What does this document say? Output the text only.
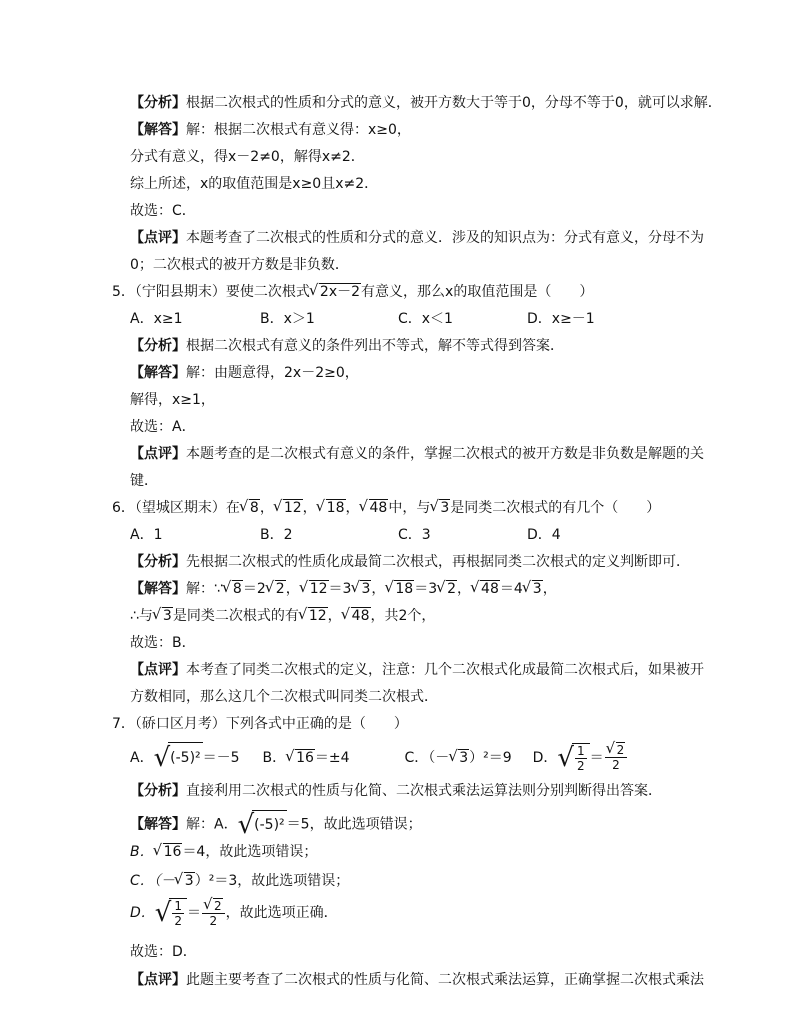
【分析】根据二次根式的性质和分式的意义，被开方数大于等于0，分母不等于0，就可以求解．
【解答】解：根据二次根式有意义得：x≥0，
分式有意义，得x－2≠0，解得x≠2．
综上所述，x的取值范围是x≥0且x≠2．
故选：C．
【点评】本题考查了二次根式的性质和分式的意义．涉及的知识点为：分式有意义，分母不为
0；二次根式的被开方数是非负数．
5．（宁阳县期末）要使二次根式 √ 2x－2有意义，那么x的取值范围是（　　）
A．x≥1	B．x＞1	C．x＜1	D．x≥－1
【分析】根据二次根式有意义的条件列出不等式，解不等式得到答案．
【解答】解：由题意得，2x－2≥0，
解得，x≥1，
故选：A．
【点评】本题考查的是二次根式有意义的条件，掌握二次根式的被开方数是非负数是解题的关
键．
6．（望城区期末）在 √ 8， √ 12， √ 18， √ 48中，与 √ 3是同类二次根式的有几个（　　）
A．1	B．2	C．3	D．4
【分析】先根据二次根式的性质化成最简二次根式，再根据同类二次根式的定义判断即可．
【解答】解：∵ √ 8＝2 √ 2， √ 12＝3 √ 3， √ 18＝3 √ 2， √ 48＝4 √ 3，
∴与 √ 3是同类二次根式的有 √ 12， √ 48，共2个，
故选：B．
【点评】本考查了同类二次根式的定义，注意：几个二次根式化成最简二次根式后，如果被开
方数相同，那么这几个二次根式叫同类二次根式．
7．（硚口区月考）下列各式中正确的是（　　）
A． √ (-5)² ＝－5 B． √ 16＝±4	C．（－ √ 3）²＝9 D． √ $\frac{1}{2}$ ＝ √ $\frac{2}{2}$
【分析】直接利用二次根式的性质与化简、二次根式乘法运算法则分别判断得出答案．
【解答】解：A． √ (-5)² ＝5，故此选项错误；
B． √ 16＝4，故此选项错误；
C．（－ √ 3）²＝3，故此选项错误；
D． √ $\frac{1}{2}$ ＝ √ $\frac{2}{2}$ ，故此选项正确．
故选：D．
【点评】此题主要考查了二次根式的性质与化简、二次根式乘法运算，正确掌握二次根式乘法
